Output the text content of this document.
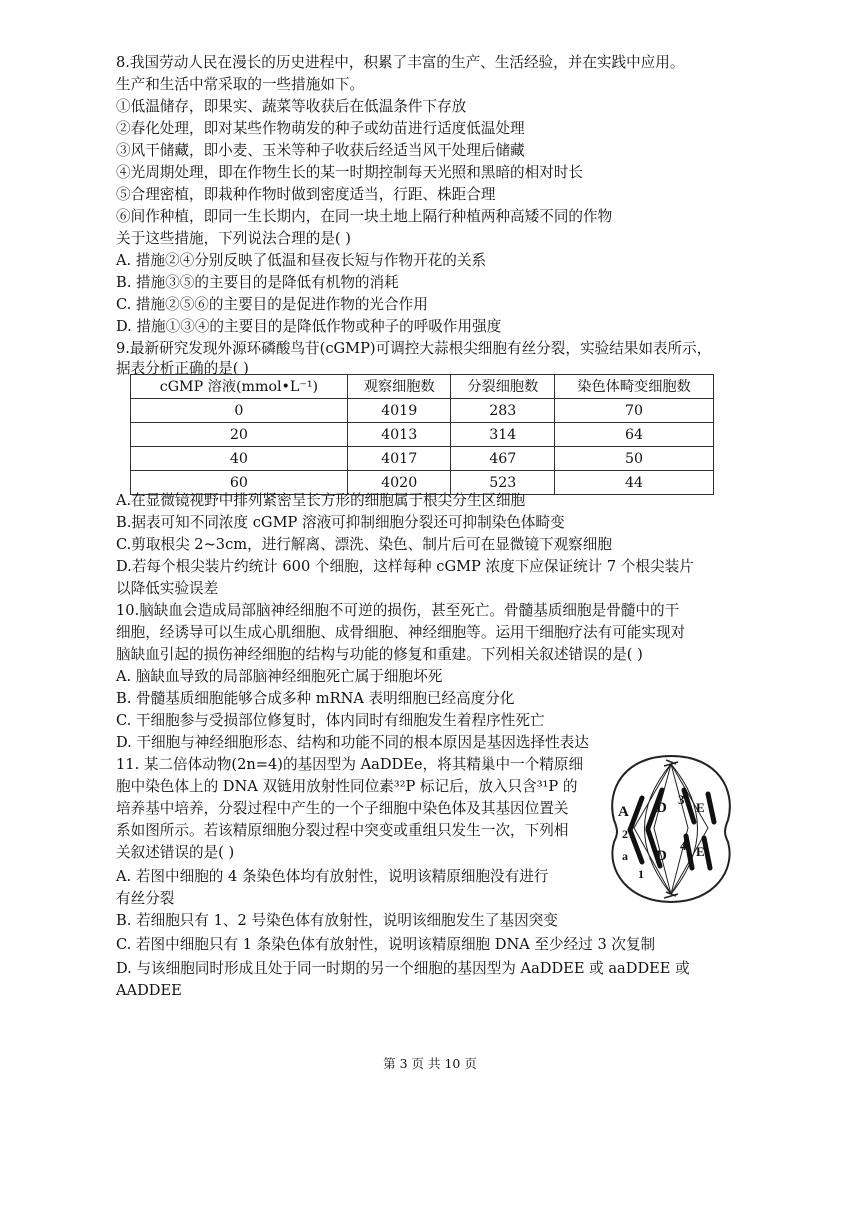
8.我国劳动人民在漫长的历史进程中，积累了丰富的生产、生活经验，并在实践中应用。
生产和生活中常采取的一些措施如下。
①低温储存，即果实、蔬菜等收获后在低温条件下存放
②春化处理，即对某些作物萌发的种子或幼苗进行适度低温处理
③风干储藏，即小麦、玉米等种子收获后经适当风干处理后储藏
④光周期处理，即在作物生长的某一时期控制每天光照和黑暗的相对时长
⑤合理密植，即栽种作物时做到密度适当，行距、株距合理
⑥间作种植，即同一生长期内，在同一块土地上隔行种植两种高矮不同的作物
关于这些措施，下列说法合理的是( )
A. 措施②④分别反映了低温和昼夜长短与作物开花的关系
B. 措施③⑤的主要目的是降低有机物的消耗
C. 措施②⑤⑥的主要目的是促进作物的光合作用
D. 措施①③④的主要目的是降低作物或种子的呼吸作用强度
9.最新研究发现外源环磷酸鸟苷(cGMP)可调控大蒜根尖细胞有丝分裂，实验结果如表所示，
据表分析正确的是( )
cGMP 溶液(mmol•L⁻¹)	观察细胞数	分裂细胞数	染色体畸变细胞数
0	4019	283	70
20	4013	314	64
40	4017	467	50
60	4020	523	44
A.在显微镜视野中排列紧密呈长方形的细胞属于根尖分生区细胞
B.据表可知不同浓度 cGMP 溶液可抑制细胞分裂还可抑制染色体畸变
C.剪取根尖 2~3cm，进行解离、漂洗、染色、制片后可在显微镜下观察细胞
D.若每个根尖装片约统计 600 个细胞，这样每种 cGMP 浓度下应保证统计 7 个根尖装片
以降低实验误差
10.脑缺血会造成局部脑神经细胞不可逆的损伤，甚至死亡。骨髓基质细胞是骨髓中的干
细胞，经诱导可以生成心肌细胞、成骨细胞、神经细胞等。运用干细胞疗法有可能实现对
脑缺血引起的损伤神经细胞的结构与功能的修复和重建。下列相关叙述错误的是( )
A. 脑缺血导致的局部脑神经细胞死亡属于细胞坏死
B. 骨髓基质细胞能够合成多种 mRNA 表明细胞已经高度分化
C. 干细胞参与受损部位修复时，体内同时有细胞发生着程序性死亡
D. 干细胞与神经细胞形态、结构和功能不同的根本原因是基因选择性表达
11. 某二倍体动物(2n=4)的基因型为 AaDDEe，将其精巢中一个精原细
胞中染色体上的 DNA 双链用放射性同位素³²P 标记后，放入只含³¹P 的
培养基中培养，分裂过程中产生的一个子细胞中染色体及其基因位置关
系如图所示。若该精原细胞分裂过程中突变或重组只发生一次，下列相
关叙述错误的是( )
A. 若图中细胞的 4 条染色体均有放射性，说明该精原细胞没有进行
有丝分裂
B. 若细胞只有 1、2 号染色体有放射性，说明该细胞发生了基因突变
C. 若图中细胞只有 1 条染色体有放射性，说明该精原细胞 DNA 至少经过 3 次复制
D. 与该细胞同时形成且处于同一时期的另一个细胞的基因型为 AaDDEE 或 aaDDEE 或
AADDEE
A
a
D
D
3
E
E
2
1
4
第 3 页 共 10 页
